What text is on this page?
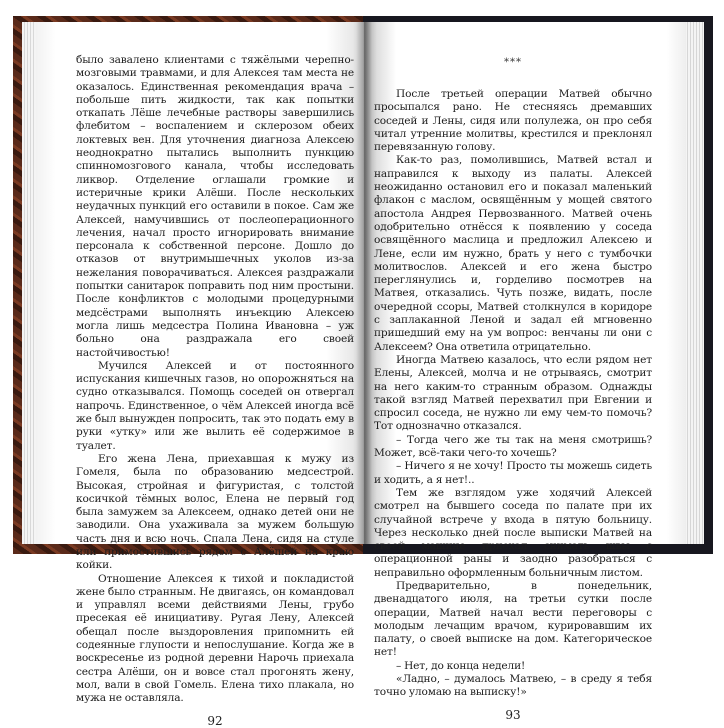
было завалено клиентами с тяжёлыми черепно-мозговыми травмами, и для Алексея там места не оказалось. Единственная рекомендация врача – побольше пить жидкости, так как попытки откапать Лёше лечебные растворы завершились флебитом – воспалением и склерозом обеих локтевых вен. Для уточнения диагноза Алексею неоднократно пытались выполнить пункцию спинномозгового канала, чтобы исследовать ликвор. Отделение оглашали громкие и истеричные крики Алёши. После нескольких неудачных пункций его оставили в покое. Сам же Алексей, намучившись от послеоперационного лечения, начал просто игнорировать внимание персонала к собственной персоне. Дошло до отказов от внутримышечных уколов из-за нежелания поворачиваться. Алексея раздражали попытки санитарок поправить под ним простыни. После конфликтов с молодыми процедурными медсёстрами выполнять инъекцию Алексею могла лишь медсестра Полина Ивановна – уж больно она раздражала его своей настойчивостью!

Мучился Алексей и от постоянного испускания кишечных газов, но опорожняться на судно отказывался. Помощь соседей он отвергал напрочь. Единственное, о чём Алексей иногда всё же был вынужден попросить, так это подать ему в руки «утку» или же вылить её содержимое в туалет.

Его жена Лена, приехавшая к мужу из Гомеля, была по образованию медсестрой. Высокая, стройная и фигуристая, с толстой косичкой тёмных волос, Елена не первый год была замужем за Алексеем, однако детей они не заводили. Она ухаживала за мужем большую часть дня и всю ночь. Спала Лена, сидя на стуле или примостившись рядом с Алёшей на краю койки.

Отношение Алексея к тихой и покладистой жене было странным. Не двигаясь, он командовал и управлял всеми действиями Лены, грубо пресекая её инициативу. Ругая Лену, Алексей обещал после выздоровления припомнить ей содеянные глупости и непослушание. Когда же в воскресенье из родной деревни Нарочь приехала сестра Алёши, он и вовсе стал прогонять жену, мол, вали в свой Гомель. Елена тихо плакала, но мужа не оставляла.

92
***

После третьей операции Матвей обычно просыпался рано. Не стесняясь дремавших соседей и Лены, сидя или полулежа, он про себя читал утренние молитвы, крестился и преклонял перевязанную голову.

Как-то раз, помолившись, Матвей встал и направился к выходу из палаты. Алексей неожиданно остановил его и показал маленький флакон с маслом, освящённым у мощей святого апостола Андрея Первозванного. Матвей очень одобрительно отнёсся к появлению у соседа освящённого маслица и предложил Алексею и Лене, если им нужно, брать у него с тумбочки молитвослов. Алексей и его жена быстро переглянулись и, горделиво посмотрев на Матвея, отказались. Чуть позже, видать, после очередной ссоры, Матвей столкнулся в коридоре с заплаканной Леной и задал ей мгновенно пришедший ему на ум вопрос: венчаны ли они с Алексеем? Она ответила отрицательно.

Иногда Матвею казалось, что если рядом нет Елены, Алексей, молча и не отрываясь, смотрит на него каким-то странным образом. Однажды такой взгляд Матвей перехватил при Евгении и спросил соседа, не нужно ли ему чем-то помочь? Тот однозначно отказался.

– Тогда чего же ты так на меня смотришь? Может, всё-таки чего-то хочешь?

– Ничего я не хочу! Просто ты можешь сидеть и ходить, а я нет!..

Тем же взглядом уже ходячий Алексей смотрел на бывшего соседа по палате при их случайной встрече у входа в пятую больницу. Через несколько дней после выписки Матвей на своей машине приехал снимать швы с операционной раны и заодно разобраться с неправильно оформленным больничным листом.

Предварительно, в понедельник, двенадцатого июля, на третьи сутки после операции, Матвей начал вести переговоры с молодым лечащим врачом, курировавшим их палату, о своей выписке на дом. Категорическое нет!

– Нет, до конца недели!

«Ладно, – думалось Матвею, – в среду я тебя точно уломаю на выписку!»

93
